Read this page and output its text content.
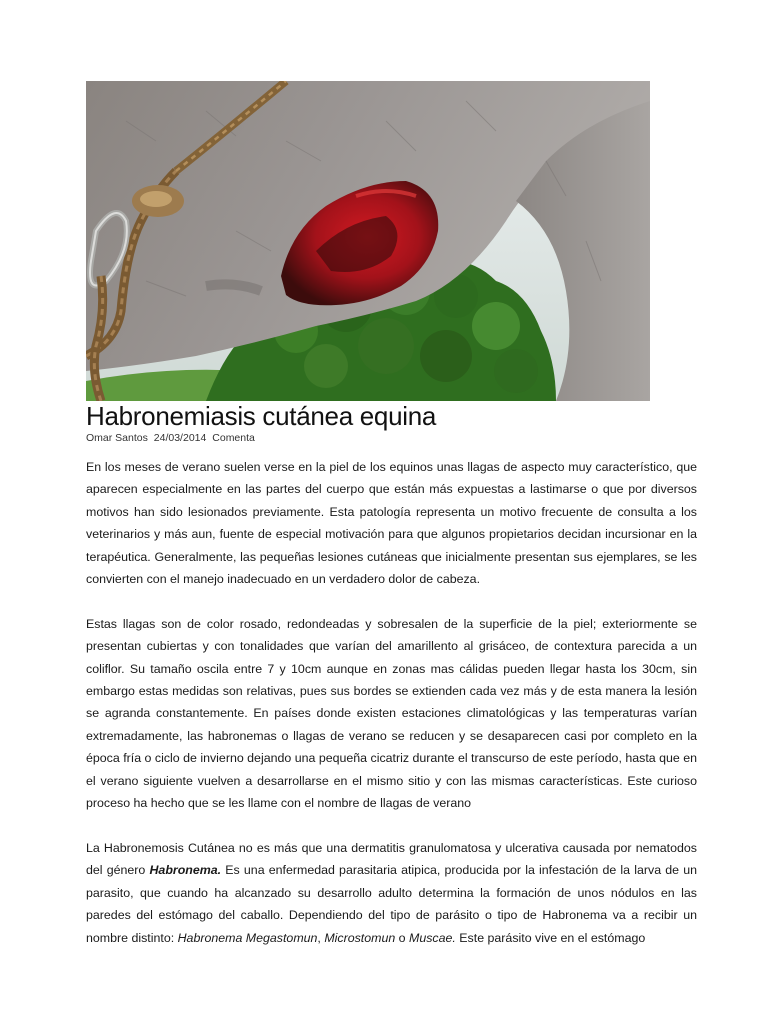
Habronemiasis cutánea equina
Omar Santos 24/03/2014 Comenta

En los meses de verano suelen verse en la piel de los equinos unas llagas de aspecto muy característico, que aparecen especialmente en las partes del cuerpo que están más expuestas a lastimarse o que por diversos motivos han sido lesionados previamente. Esta patología representa un motivo frecuente de consulta a los veterinarios y más aun, fuente de especial motivación para que algunos propietarios decidan incursionar en la terapéutica. Generalmente, las pequeñas lesiones cutáneas que inicialmente presentan sus ejemplares, se les convierten con el manejo inadecuado en un verdadero dolor de cabeza.

Estas llagas son de color rosado, redondeadas y sobresalen de la superficie de la piel; exteriormente se presentan cubiertas y con tonalidades que varían del amarillento al grisáceo, de contextura parecida a un coliflor. Su tamaño oscila entre 7 y 10cm aunque en zonas mas cálidas pueden llegar hasta los 30cm, sin embargo estas medidas son relativas, pues sus bordes se extienden cada vez más y de esta manera la lesión se agranda constantemente. En países donde existen estaciones climatológicas y las temperaturas varían extremadamente, las habronemas o llagas de verano se reducen y se desaparecen casi por completo en la época fría o ciclo de invierno dejando una pequeña cicatriz durante el transcurso de este período, hasta que en el verano siguiente vuelven a desarrollarse en el mismo sitio y con las mismas características. Este curioso proceso ha hecho que se les llame con el nombre de llagas de verano

La Habronemosis Cutánea no es más que una dermatitis granulomatosa y ulcerativa causada por nematodos del género Habronema. Es una enfermedad parasitaria atipica, producida por la infestación de la larva de un parasito, que cuando ha alcanzado su desarrollo adulto determina la formación de unos nódulos en las paredes del estómago del caballo. Dependiendo del tipo de parásito o tipo de Habronema va a recibir un nombre distinto: Habronema Megastomun, Microstomun o Muscae. Este parásito vive en el estómago
